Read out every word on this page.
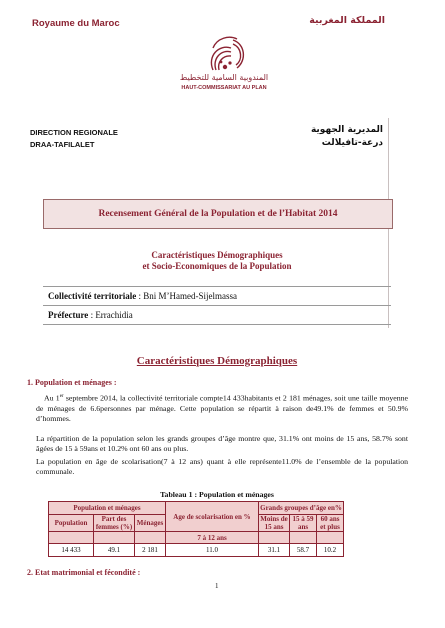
Royaume du Maroc	المملكة المغربية
المندوبية السامية للتخطيط
HAUT-COMMISSARIAT AU PLAN
DIRECTION REGIONALE
DRAA-TAFILALET
المديرية الجهوية
درعة-تافيلالت
Recensement Général de la Population et de l’Habitat 2014
Caractéristiques Démographiques
et Socio-Economiques de la Population
Collectivité territoriale : Bni M’Hamed-Sijelmassa
Préfecture : Errachidia
Caractéristiques Démographiques
1. Population et ménages :
Au 1er septembre 2014, la collectivité territoriale compte14 433habitants et 2 181 ménages, soit une taille moyenne de ménages de 6.6personnes par ménage. Cette population se répartit à raison de49.1% de femmes et 50.9% d’hommes.
La répartition de la population selon les grands groupes d’âge montre que, 31.1% ont moins de 15 ans, 58.7% sont âgées de 15 à 59ans et 10.2% ont 60 ans ou plus.
La population en âge de scolarisation(7 à 12 ans) quant à elle représente11.0% de l’ensemble de la population communale.
Tableau 1 : Population et ménages
Population et ménages			Age de scolarisation en %	Grands groupes d’âge en%		
Population	Part des femmes (%)	Ménages		Moins de 15 ans	15 à 59 ans	60 ans et plus
			7 à 12 ans			
14 433	49.1	2 181	11.0	31.1	58.7	10.2
2. Etat matrimonial et fécondité :
1
